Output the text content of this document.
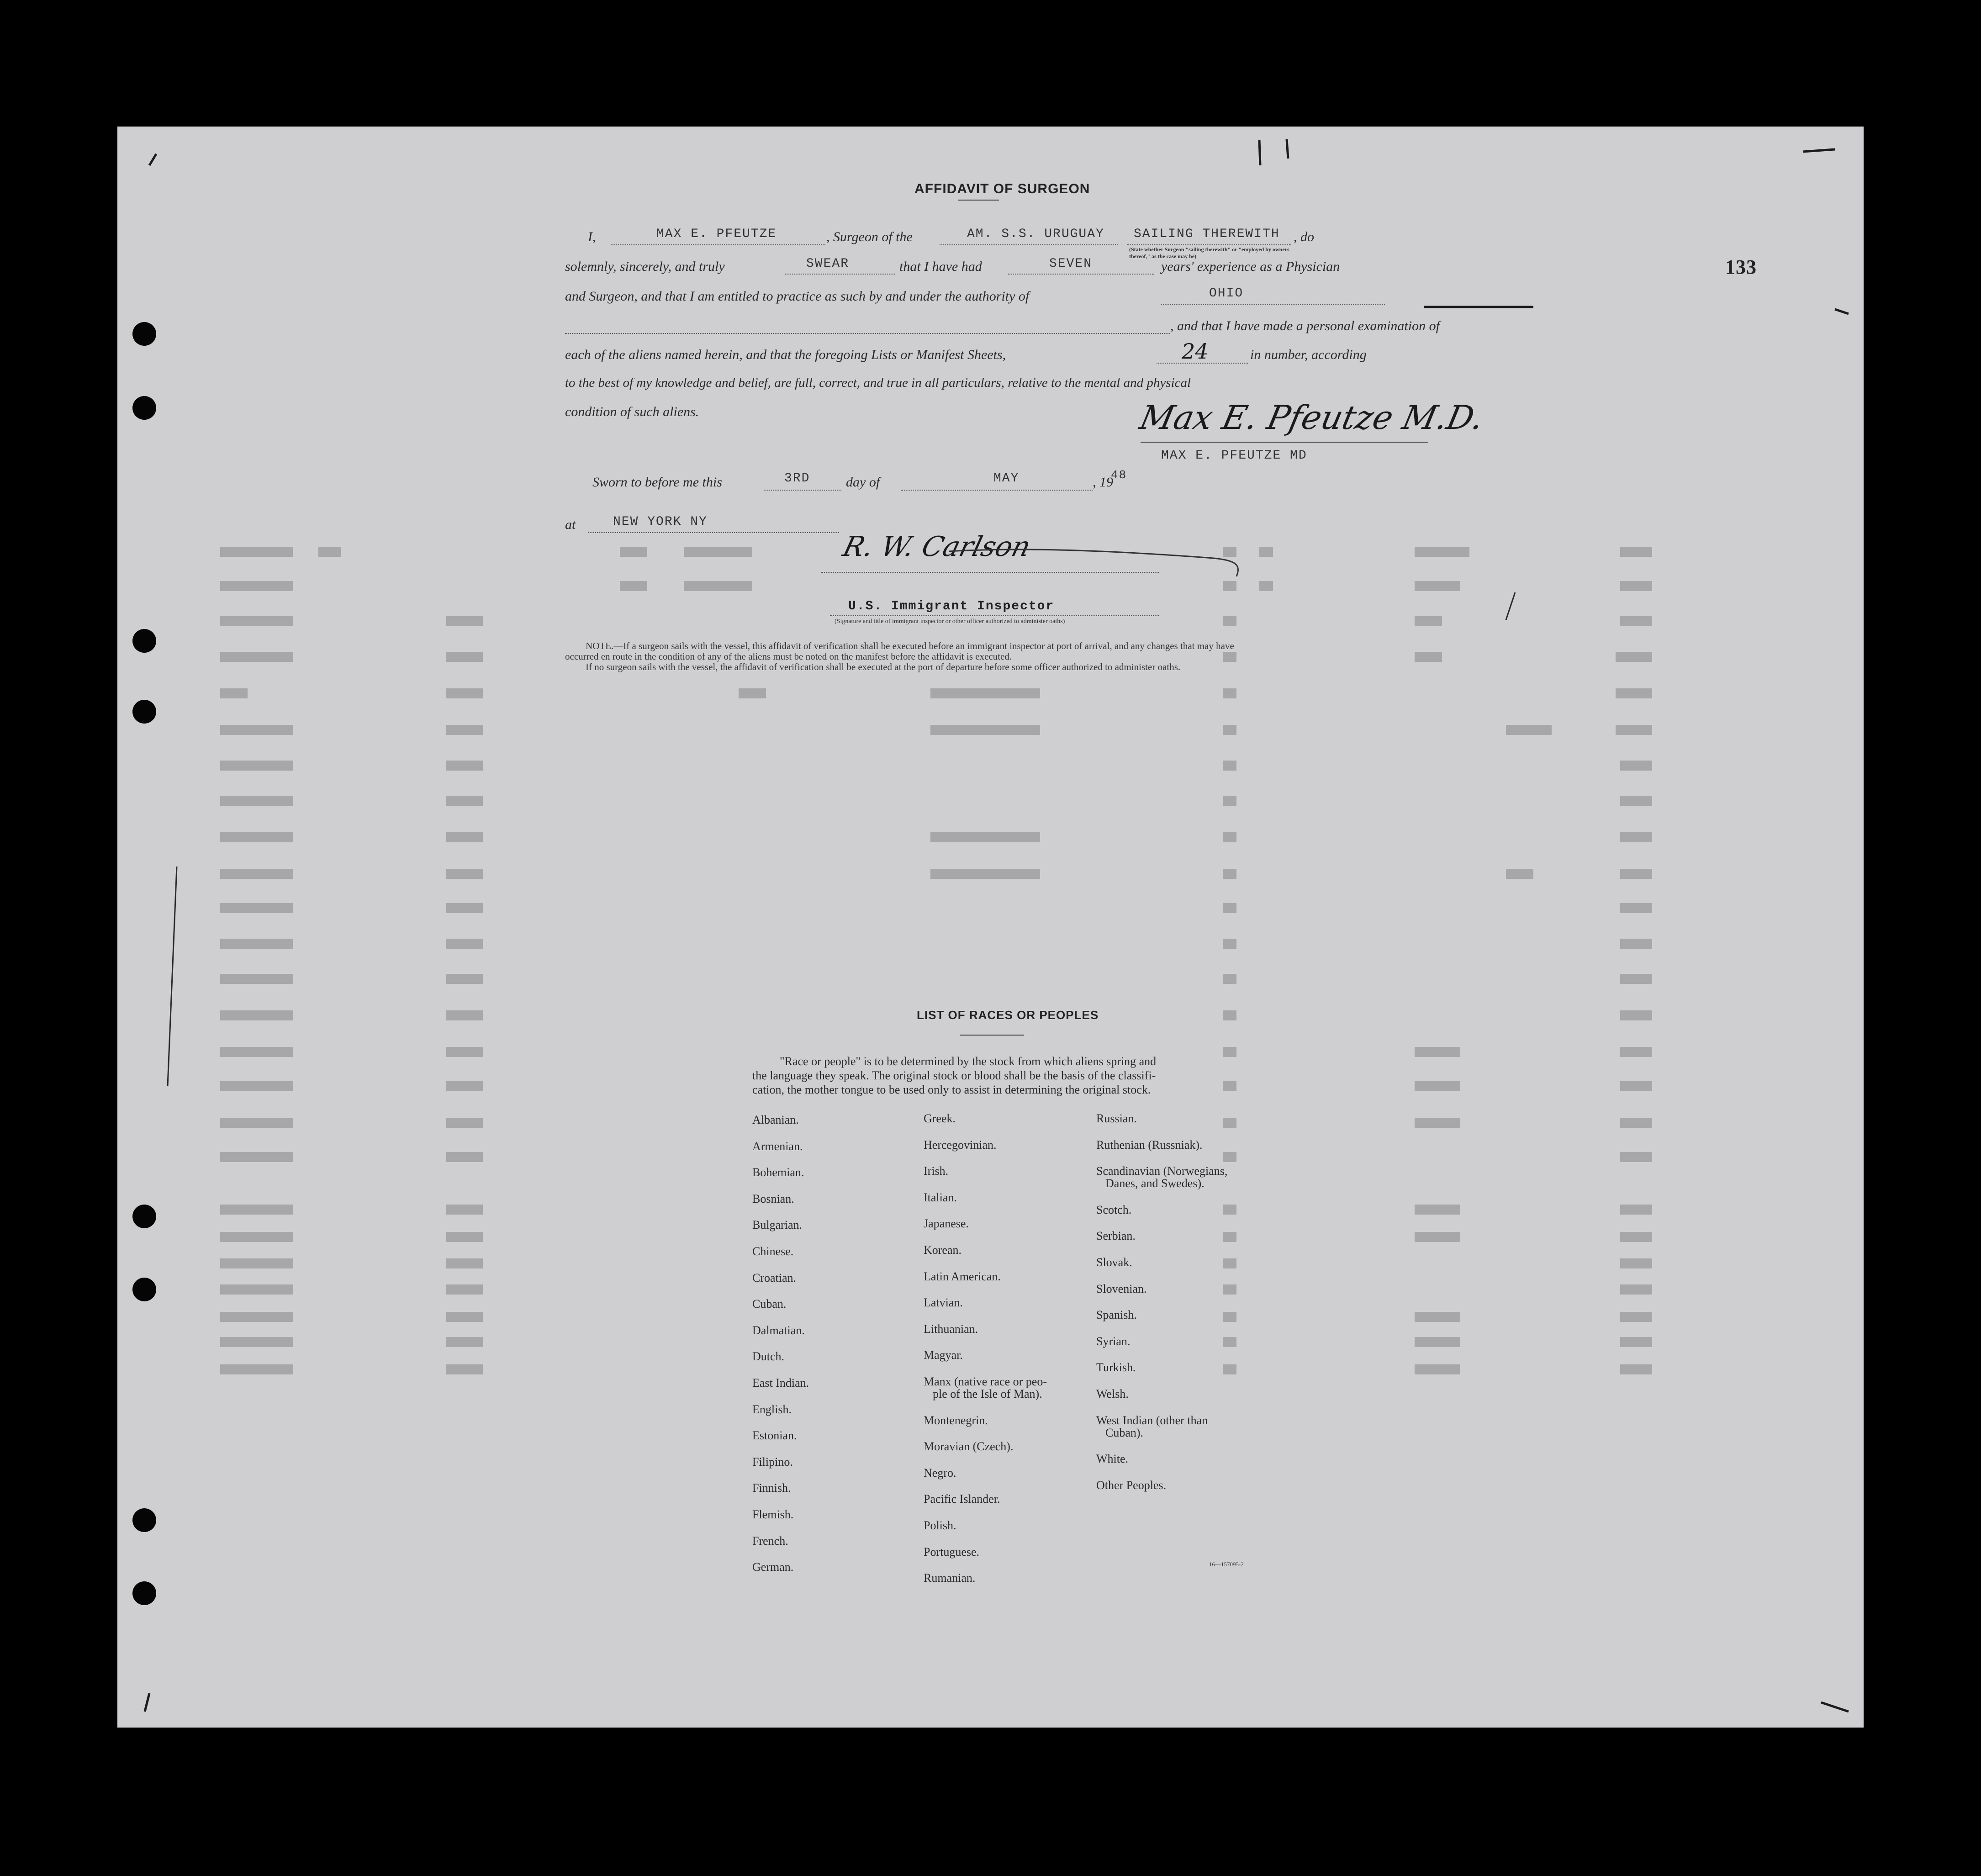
133
AFFIDAVIT OF SURGEON
I,	MAX E. PFEUTZE	, Surgeon of the	AM. S.S. URUGUAY SAILING THEREWITH , do
(State whether Surgeon "sailing therewith" or "employed by owners thereof," as the case may be)
solemnly, sincerely, and truly	SWEAR	that I have had	SEVEN	years' experience as a Physician
and Surgeon, and that I am entitled to practice as such by and under the authority of	OHIO
, and that I have made a personal examination of
each of the aliens named herein, and that the foregoing Lists or Manifest Sheets,	24	in number, according
to the best of my knowledge and belief, are full, correct, and true in all particulars, relative to the mental and physical
condition of such aliens.	Max E. Pfeutze M.D.
MAX E. PFEUTZE MD
Sworn to before me this	3RD	day of	MAY	, 19
48
at	NEW YORK NY
R. W. Carlson
U.S. Immigrant Inspector
(Signature and title of immigrant inspector or other officer authorized to administer oaths)
NOTE.—If a surgeon sails with the vessel, this affidavit of verification shall be executed before an immigrant inspector at port of arrival, and any changes that may have
occurred en route in the condition of any of the aliens must be noted on the manifest before the affidavit is executed.
If no surgeon sails with the vessel, the affidavit of verification shall be executed at the port of departure before some officer authorized to administer oaths.
LIST OF RACES OR PEOPLES
"Race or people" is to be determined by the stock from which aliens spring and
the language they speak. The original stock or blood shall be the basis of the classifi-
cation, the mother tongue to be used only to assist in determining the original stock.
Albanian.
Armenian.
Bohemian.
Bosnian.
Bulgarian.
Chinese.
Croatian.
Cuban.
Dalmatian.
Dutch.
East Indian.
English.
Estonian.
Filipino.
Finnish.
Flemish.
French.
German.
Greek.
Hercegovinian.
Irish.
Italian.
Japanese.
Korean.
Latin American.
Latvian.
Lithuanian.
Magyar.
Manx (native race or peo-
ple of the Isle of Man).
Montenegrin.
Moravian (Czech).
Negro.
Pacific Islander.
Polish.
Portuguese.
Rumanian.
Russian.
Ruthenian (Russniak).
Scandinavian (Norwegians,
Danes, and Swedes).
Scotch.
Serbian.
Slovak.
Slovenian.
Spanish.
Syrian.
Turkish.
Welsh.
West Indian (other than
Cuban).
White.
Other Peoples.
16—157095-2
